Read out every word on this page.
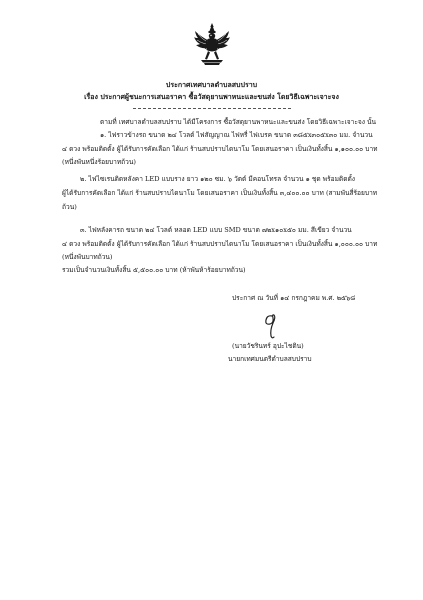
ประกาศเทศบาลตำบลสบปราบ
เรื่อง ประกาศผู้ชนะการเสนอราคา ซื้อวัสดุยานพาหนะและขนส่ง โดยวิธีเฉพาะเจาะจง
ตามที่ เทศบาลตำบลสบปราบ ได้มีโครงการ ซื้อวัสดุยานพาหนะและขนส่ง โดยวิธีเฉพาะเจาะจง นั้น
๑. ไฟราวข้างรถ ขนาด ๒๔ โวลต์ ไฟสัญญาณ ไฟหรี่ ไฟเบรค ขนาด ๓๘๕x๓๐๕x๓๐ มม. จำนวน
๔ ดวง พร้อมติดตั้ง ผู้ได้รับการคัดเลือก ได้แก่ ร้านสบปราบไดนาโม โดยเสนอราคา เป็นเงินทั้งสิ้น ๑,๑๐๐.๐๐ บาท
(หนึ่งพันหนึ่งร้อยบาทถ้วน)
๒. ไฟไซเรนติดหลังคา LED แบบราง ยาว ๑๒๐ ซม. ๖ วัตต์ มีคอนโทรล จำนวน ๑ ชุด พร้อมติดตั้ง
ผู้ได้รับการคัดเลือก ได้แก่ ร้านสบปราบไดนาโม โดยเสนอราคา เป็นเงินทั้งสิ้น ๓,๔๐๐.๐๐ บาท (สามพันสี่ร้อยบาท
ถ้วน)
๓. ไฟหลังคารถ ขนาด ๒๔ โวลต์ หลอด LED แบบ SMD ขนาด ๗๒x๑๐x๕๐ มม. สีเขียว จำนวน
๔ ดวง พร้อมติดตั้ง ผู้ได้รับการคัดเลือก ได้แก่ ร้านสบปราบไดนาโม โดยเสนอราคา เป็นเงินทั้งสิ้น ๑,๐๐๐.๐๐ บาท
(หนึ่งพันบาทถ้วน)
รวมเป็นจำนวนเงินทั้งสิ้น ๕,๕๐๐.๐๐ บาท (ห้าพันห้าร้อยบาทถ้วน)
ประกาศ ณ วันที่ ๑๔ กรกฎาคม พ.ศ. ๒๕๖๘
(นายวัชรินทร์ อุปะไชติน)
นายกเทศมนตรีตำบลสบปราบ
